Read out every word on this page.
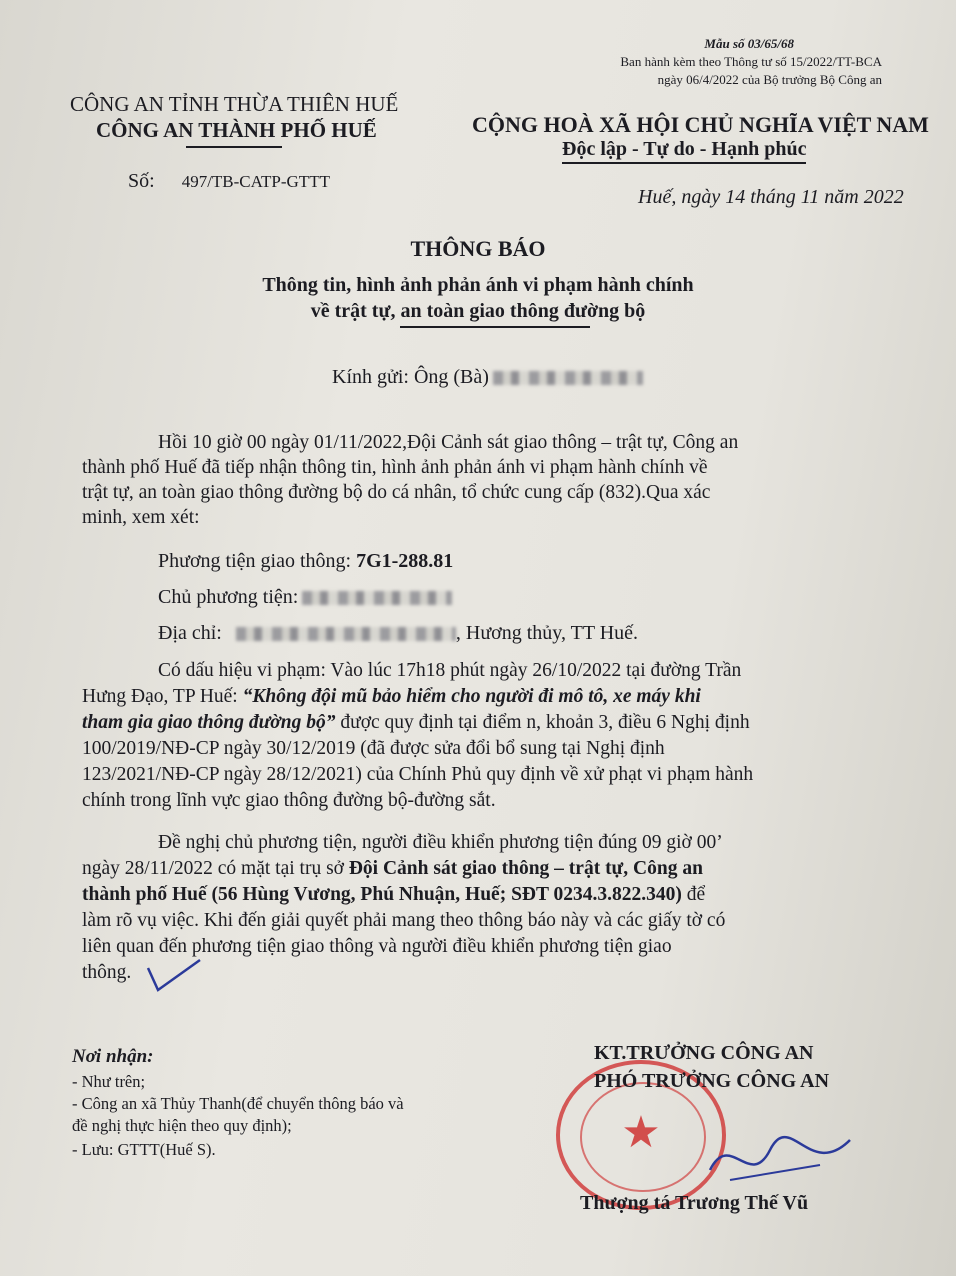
Mẫu số 03/65/68
Ban hành kèm theo Thông tư số 15/2022/TT-BCA
ngày 06/4/2022 của Bộ trưởng Bộ Công an
CÔNG AN TỈNH THỪA THIÊN HUẾ
CÔNG AN THÀNH PHỐ HUẾ
Số: 497/TB-CATP-GTTT
CỘNG HOÀ XÃ HỘI CHỦ NGHĨA VIỆT NAM
Độc lập - Tự do - Hạnh phúc
Huế, ngày 14 tháng 11 năm 2022
THÔNG BÁO
Thông tin, hình ảnh phản ánh vi phạm hành chính
về trật tự, an toàn giao thông đường bộ
Kính gửi: Ông (Bà)
Hồi 10 giờ 00 ngày 01/11/2022,Đội Cảnh sát giao thông – trật tự, Công an
thành phố Huế đã tiếp nhận thông tin, hình ảnh phản ánh vi phạm hành chính về
trật tự, an toàn giao thông đường bộ do cá nhân, tổ chức cung cấp (832).Qua xác
minh, xem xét:
Phương tiện giao thông: 7G1-288.81
Chủ phương tiện:
Địa chỉ:	, Hương thủy, TT Huế.
Có dấu hiệu vi phạm: Vào lúc 17h18 phút ngày 26/10/2022 tại đường Trần
Hưng Đạo, TP Huế: “Không đội mũ bảo hiểm cho người đi mô tô, xe máy khi
tham gia giao thông đường bộ” được quy định tại điểm n, khoản 3, điều 6 Nghị định
100/2019/NĐ-CP ngày 30/12/2019 (đã được sửa đổi bổ sung tại Nghị định
123/2021/NĐ-CP ngày 28/12/2021) của Chính Phủ quy định về xử phạt vi phạm hành
chính trong lĩnh vực giao thông đường bộ-đường sắt.
Đề nghị chủ phương tiện, người điều khiển phương tiện đúng 09 giờ 00’
ngày 28/11/2022 có mặt tại trụ sở Đội Cảnh sát giao thông – trật tự, Công an
thành phố Huế (56 Hùng Vương, Phú Nhuận, Huế; SĐT 0234.3.822.340) để
làm rõ vụ việc. Khi đến giải quyết phải mang theo thông báo này và các giấy tờ có
liên quan đến phương tiện giao thông và người điều khiển phương tiện giao
thông.
Nơi nhận:
- Như trên;
- Công an xã Thủy Thanh(để chuyển thông báo và
đề nghị thực hiện theo quy định);
- Lưu: GTTT(Huế S).	★
KT.TRƯỞNG CÔNG AN
PHÓ TRƯỞNG CÔNG AN
Thượng tá Trương Thế Vũ
